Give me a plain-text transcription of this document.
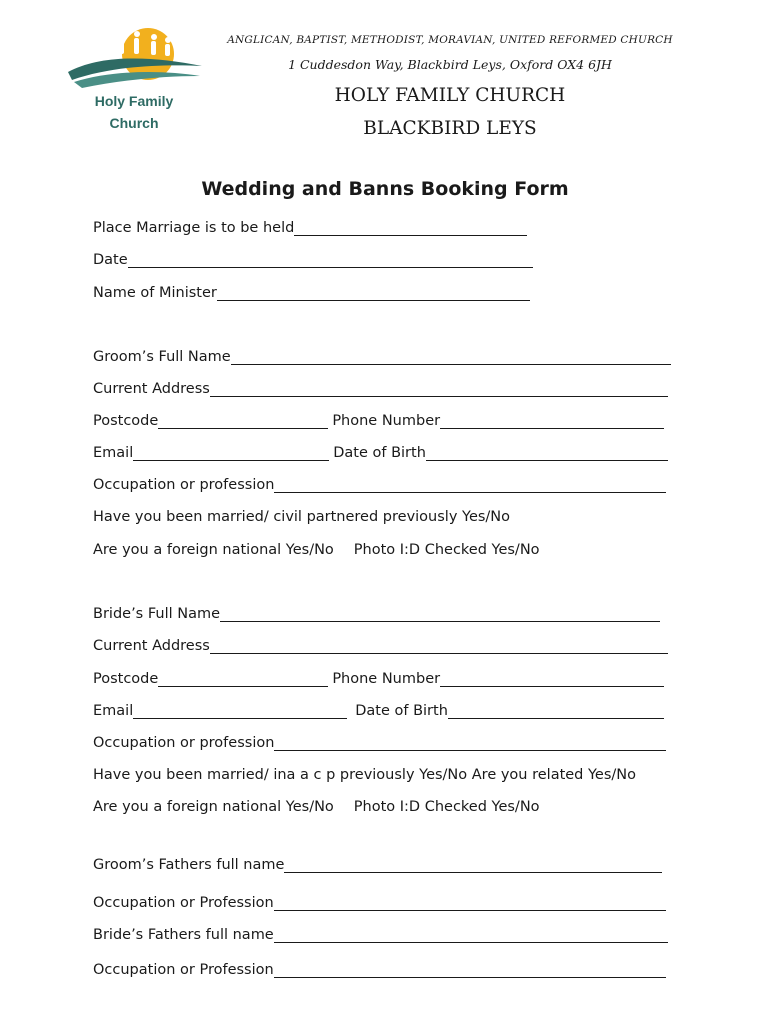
Holy Family
Church
ANGLICAN, BAPTIST, METHODIST, MORAVIAN, UNITED REFORMED CHURCH
1 Cuddesdon Way, Blackbird Leys, Oxford OX4 6JH
HOLY FAMILY CHURCH
BLACKBIRD LEYS
Wedding and Banns Booking Form
Place Marriage is to be held
Date
Name of Minister
Groom’s Full Name
Current Address
Postcode	Phone Number
Email	Date of Birth
Occupation or profession
Have you been married/ civil partnered previously Yes/No
Are you a foreign national Yes/No Photo I:D Checked Yes/No
Bride’s Full Name
Current Address
Postcode	Phone Number
Email	Date of Birth
Occupation or profession
Have you been married/ ina a c p previously Yes/No Are you related Yes/No
Are you a foreign national Yes/No Photo I:D Checked Yes/No
Groom’s Fathers full name
Occupation or Profession
Bride’s Fathers full name
Occupation or Profession
